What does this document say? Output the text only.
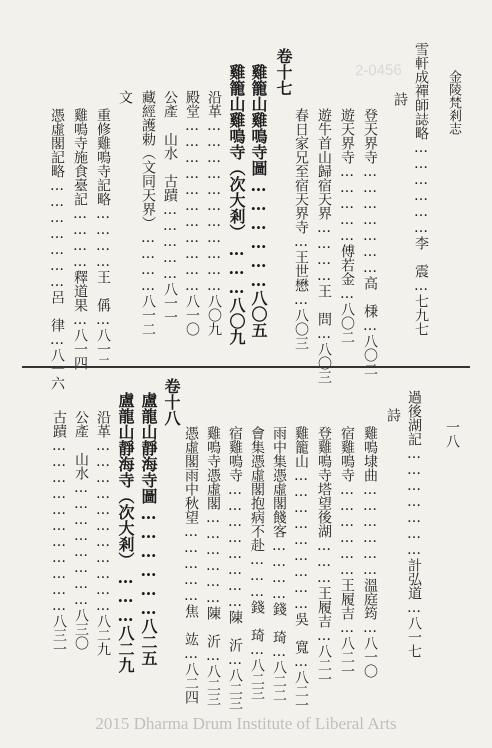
金陵梵剎志
2-0456 雪軒成禪師誌略………………李　震…七九七
詩
登天界寺…………………高　棅…八〇二
遊天界寺……………傅若金…八〇二
遊牛首山歸宿天界…………王　問…八〇三
春日家兄至宿天界寺…王世懋…八〇三
卷十七
雞籠山雞鳴寺圖………………八〇五
雞籠山雞鳴寺（次大剎）………八〇九
沿革……………………………八〇九
殿堂……………………………八一〇
公產　山水　古蹟……………八一一
藏經護勅（文同天界）…………八一二
文
重修雞鳴寺記略…………王　偁…八一二
雞鳴寺施食臺記…………釋道果…八一四
憑虛閣記略…………………呂　律…八一六
一八
過後湖記…………………計弘道…八一七
詩
雞鳴埭曲………………溫庭筠…八一〇
宿雞鳴寺………………王履吉…八二一
登雞鳴寺塔望後湖………王履吉…八二一
雞籠山………………………吳　寬…八二一
雨中集憑虛閣餞客…………錢　琦…八二二
會集憑虛閣抱病不赴………錢　琦…八二三
宿雞鳴寺……………………陳　沂…八二三
雞鳴寺憑虛閣………………陳　沂…八二三
憑虛閣雨中秋望……………焦　竑…八二四
卷十八
盧龍山靜海寺圖………………八二五
盧龍山靜海寺（次大剎）………八二九
沿革……………………………八二九
公產　山水……………………八三〇
古蹟……………………………八三一
2015 Dharma Drum Institute of Liberal Arts
